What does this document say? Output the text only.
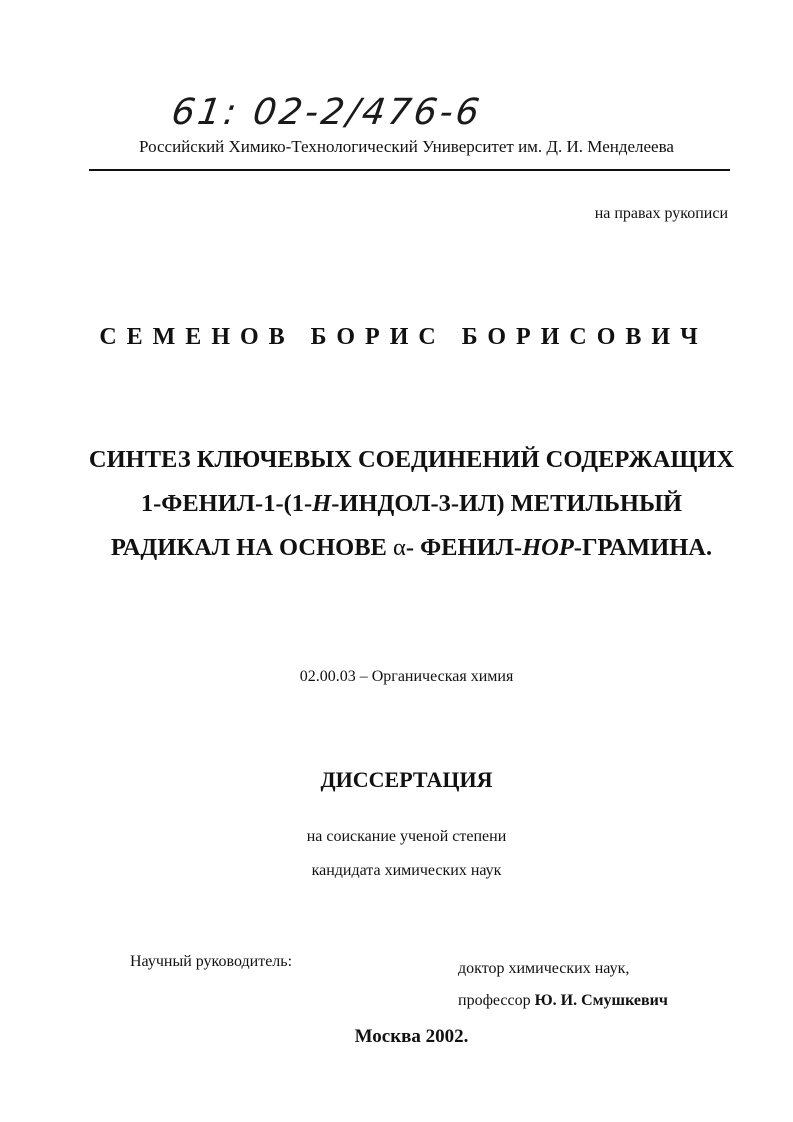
61: 02-2/476-6
Российский Химико-Технологический Университет им. Д. И. Менделеева
на правах рукописи
СЕМЕНОВ БОРИС БОРИСОВИЧ
СИНТЕЗ КЛЮЧЕВЫХ СОЕДИНЕНИЙ СОДЕРЖАЩИХ
1-ФЕНИЛ-1-(1-Н-ИНДОЛ-3-ИЛ) МЕТИЛЬНЫЙ
РАДИКАЛ НА ОСНОВЕ α- ФЕНИЛ-НОР-ГРАМИНА.
02.00.03 – Органическая химия
ДИССЕРТАЦИЯ
на соискание ученой степени
кандидата химических наук
Научный руководитель:	доктор химических наук,
профессор Ю. И. Смушкевич
Москва 2002.
